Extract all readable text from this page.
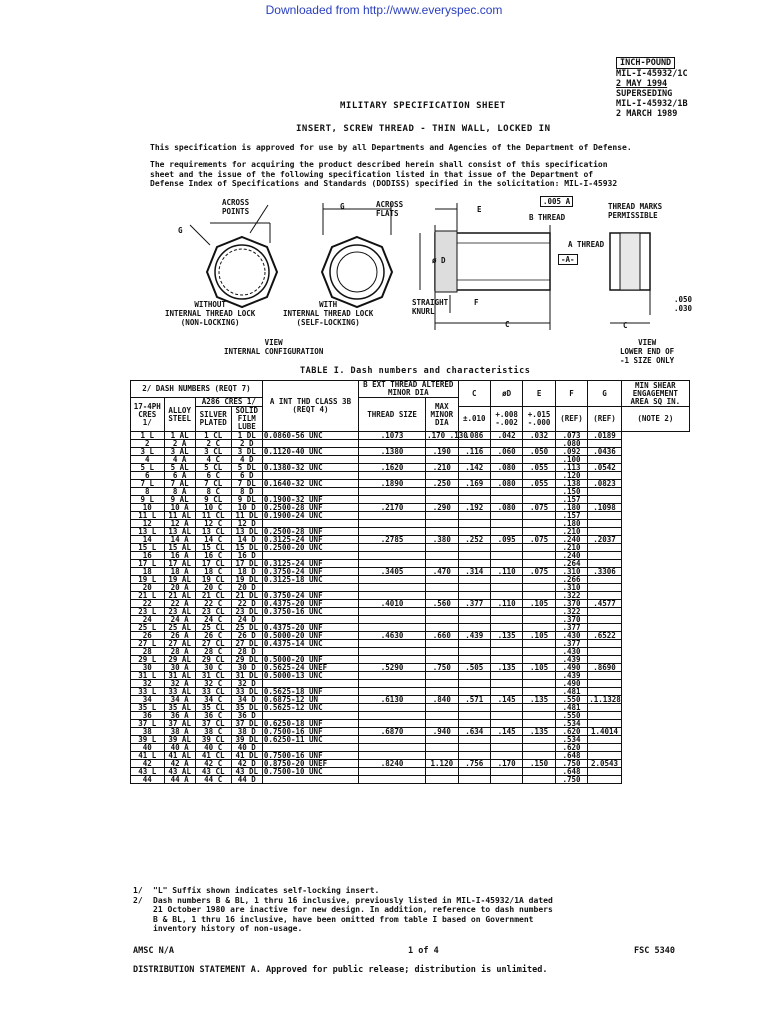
Downloaded from http://www.everyspec.com
INCH-POUND
MIL-I-45932/1C
2 MAY 1994
SUPERSEDING
MIL-I-45932/1B
2 MARCH 1989
MILITARY SPECIFICATION SHEET
INSERT, SCREW THREAD - THIN WALL, LOCKED IN
This specification is approved for use by all Departments and Agencies of the Department of Defense.
The requirements for acquiring the product described herein shall consist of this specification
sheet and the issue of the following specification listed in that issue of the Department of
Defense Index of Specifications and Standards (DODISS) specified in the solicitation: MIL-I-45932
ACROSS
POINTS
G
G	ACROSS
FLATS	E
.005 A
B THREAD
THREAD MARKS
PERMISSIBLE
A THREAD
-A-
ø D
F
C
STRAIGHT
KNURL
.050
.030
C
WITHOUT
INTERNAL THREAD LOCK
(NON-LOCKING)
WITH
INTERNAL THREAD LOCK
(SELF-LOCKING)
VIEW
INTERNAL CONFIGURATION
VIEW
LOWER END OF
-1 SIZE ONLY
TABLE I. Dash numbers and characteristics
2/ DASH NUMBERS (REQT 7)				A INT THD CLASS 3B (REQT 4)	B EXT THREAD ALTERED MINOR DIA		C	øD	E	F	G	MIN SHEAR ENGAGEMENT AREA SQ IN.
17-4PH CRES 1/	ALLOY STEEL	A286 CRES 1/			THREAD SIZE	MAX MINOR DIA						
		SILVER PLATED	SOLID FILM LUBE				±.010	+.008 -.002	+.015 -.000	(REF)	(REF)	(NOTE 2)
1 L	1 AL	1 CL	1 DL	0.0860-56 UNC	.1073	.170 .130	.086	.042	.032	.073	.0189	
2	2 A	2 C	2 D							.080		
3 L	3 AL	3 CL	3 DL	0.1120-40 UNC	.1380	.190	.116	.060	.050	.092	.0436	
4	4 A	4 C	4 D							.100		
5 L	5 AL	5 CL	5 DL	0.1380-32 UNC	.1620	.210	.142	.080	.055	.113	.0542	
6	6 A	6 C	6 D							.120		
7 L	7 AL	7 CL	7 DL	0.1640-32 UNC	.1890	.250	.169	.080	.055	.138	.0823	
8	8 A	8 C	8 D							.150		
9 L	9 AL	9 CL	9 DL	0.1900-32 UNF						.157		
10	10 A	10 C	10 D	0.2500-28 UNF	.2170	.290	.192	.080	.075	.180	.1098	
11 L	11 AL	11 CL	11 DL	0.1900-24 UNC						.157		
12	12 A	12 C	12 D							.180		
13 L	13 AL	13 CL	13 DL	0.2500-28 UNF						.210		
14	14 A	14 C	14 D	0.3125-24 UNF	.2785	.380	.252	.095	.075	.240	.2037	
15 L	15 AL	15 CL	15 DL	0.2500-20 UNC						.210		
16	16 A	16 C	16 D							.240		
17 L	17 AL	17 CL	17 DL	0.3125-24 UNF						.264		
18	18 A	18 C	18 D	0.3750-24 UNF	.3405	.470	.314	.110	.075	.310	.3306	
19 L	19 AL	19 CL	19 DL	0.3125-18 UNC						.266		
20	20 A	20 C	20 D							.310		
21 L	21 AL	21 CL	21 DL	0.3750-24 UNF						.322		
22	22 A	22 C	22 D	0.4375-20 UNF	.4010	.560	.377	.110	.105	.370	.4577	
23 L	23 AL	23 CL	23 DL	0.3750-16 UNC						.322		
24	24 A	24 C	24 D							.370		
25 L	25 AL	25 CL	25 DL	0.4375-20 UNF						.377		
26	26 A	26 C	26 D	0.5000-20 UNF	.4630	.660	.439	.135	.105	.430	.6522	
27 L	27 AL	27 CL	27 DL	0.4375-14 UNC						.377		
28	28 A	28 C	28 D							.430		
29 L	29 AL	29 CL	29 DL	0.5000-20 UNF						.439		
30	30 A	30 C	30 D	0.5625-24 UNEF	.5290	.750	.505	.135	.105	.490	.8690	
31 L	31 AL	31 CL	31 DL	0.5000-13 UNC						.439		
32	32 A	32 C	32 D							.490		
33 L	33 AL	33 CL	33 DL	0.5625-18 UNF						.481		
34	34 A	34 C	34 D	0.6875-12 UN	.6130	.840	.571	.145	.135	.550	.1.1328	
35 L	35 AL	35 CL	35 DL	0.5625-12 UNC						.481		
36	36 A	36 C	36 D							.550		
37 L	37 AL	37 CL	37 DL	0.6250-18 UNF						.534		
38	38 A	38 C	38 D	0.7500-16 UNF	.6870	.940	.634	.145	.135	.620	1.4014	
39 L	39 AL	39 CL	39 DL	0.6250-11 UNC						.534		
40	40 A	40 C	40 D							.620		
41 L	41 AL	41 CL	41 DL	0.7500-16 UNF						.648		
42	42 A	42 C	42 D	0.8750-20 UNEF	.8240	1.120	.756	.170	.150	.750	2.0543	
43 L	43 AL	43 CL	43 DL	0.7500-10 UNC						.648		
44	44 A	44 C	44 D							.750		
1/ "L" Suffix shown indicates self-locking insert.
2/ Dash numbers B & BL, 1 thru 16 inclusive, previously listed in MIL-I-45932/1A dated
21 October 1980 are inactive for new design. In addition, reference to dash numbers
B & BL, 1 thru 16 inclusive, have been omitted from table I based on Government
inventory history of non-usage.
AMSC N/A	1 of 4	FSC 5340
DISTRIBUTION STATEMENT A. Approved for public release; distribution is unlimited.
